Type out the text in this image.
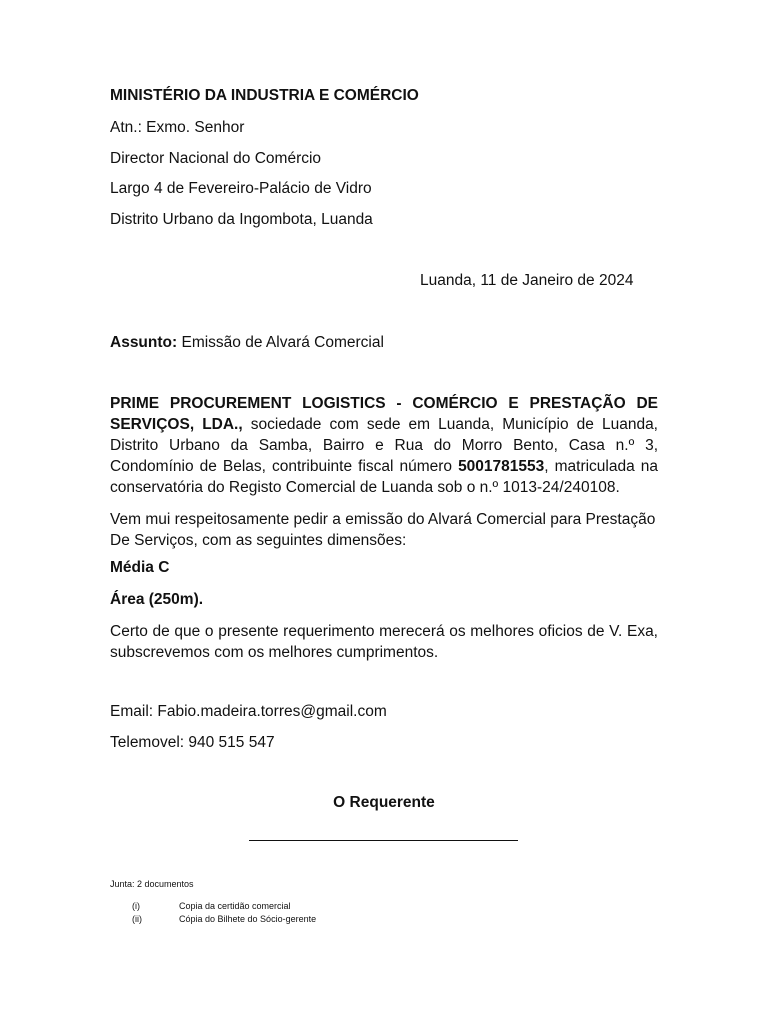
MINISTÉRIO DA INDUSTRIA E COMÉRCIO
Atn.: Exmo. Senhor
Director Nacional do Comércio
Largo 4 de Fevereiro-Palácio de Vidro
Distrito Urbano da Ingombota, Luanda
Luanda, 11 de Janeiro de 2024
Assunto: Emissão de Alvará Comercial
PRIME PROCUREMENT LOGISTICS - COMÉRCIO E PRESTAÇÃO DE SERVIÇOS, LDA., sociedade com sede em Luanda, Município de Luanda, Distrito Urbano da Samba, Bairro e Rua do Morro Bento, Casa n.º 3, Condomínio de Belas, contribuinte fiscal número 5001781553, matriculada na conservatória do Registo Comercial de Luanda sob o n.º 1013-24/240108.
Vem mui respeitosamente pedir a emissão do Alvará Comercial para Prestação De Serviços, com as seguintes dimensões:
Média C
Área (250m).
Certo de que o presente requerimento merecerá os melhores oficios de V. Exa, subscrevemos com os melhores cumprimentos.
Email: Fabio.madeira.torres@gmail.com
Telemovel: 940 515 547
O Requerente
Junta: 2 documentos
(i)	Copia da certidão comercial
(ii)	Cópia do Bilhete do Sócio-gerente
